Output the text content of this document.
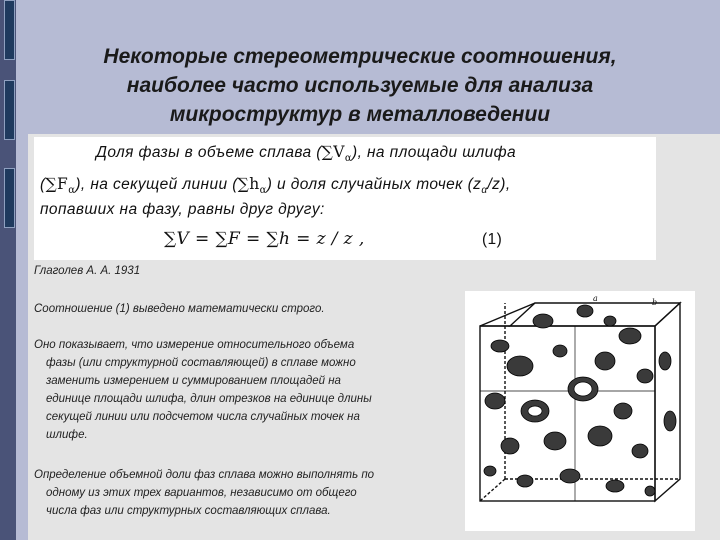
Некоторые стереометрические соотношения,
наиболее часто используемые для анализа
микроструктур в металловедении
Доля фазы в объеме сплава $(\sum V_\alpha)$, на площади шлифа
$(\sum F_\alpha)$, на секущей линии $(\sum h_\alpha)$ и доля случайных точек $(z_\alpha/z)$,
попавших на фазу, равны друг другу:
∑V = ∑F = ∑h = z / z ,	(1)
Глаголев А. А. 1931
Соотношение (1) выведено математически строго.
Оно показывает, что измерение относительного объема
фазы (или структурной составляющей) в сплаве можно
заменить измерением и суммированием площадей на
единице площади шлифа, длин отрезков на единице длины
секущей линии или подсчетом числа случайных точек на
шлифе.
Определение объемной доли фаз сплава можно выполнять по
одному из этих трех вариантов, независимо от общего
числа фаз или структурных составляющих сплава.
a	b
